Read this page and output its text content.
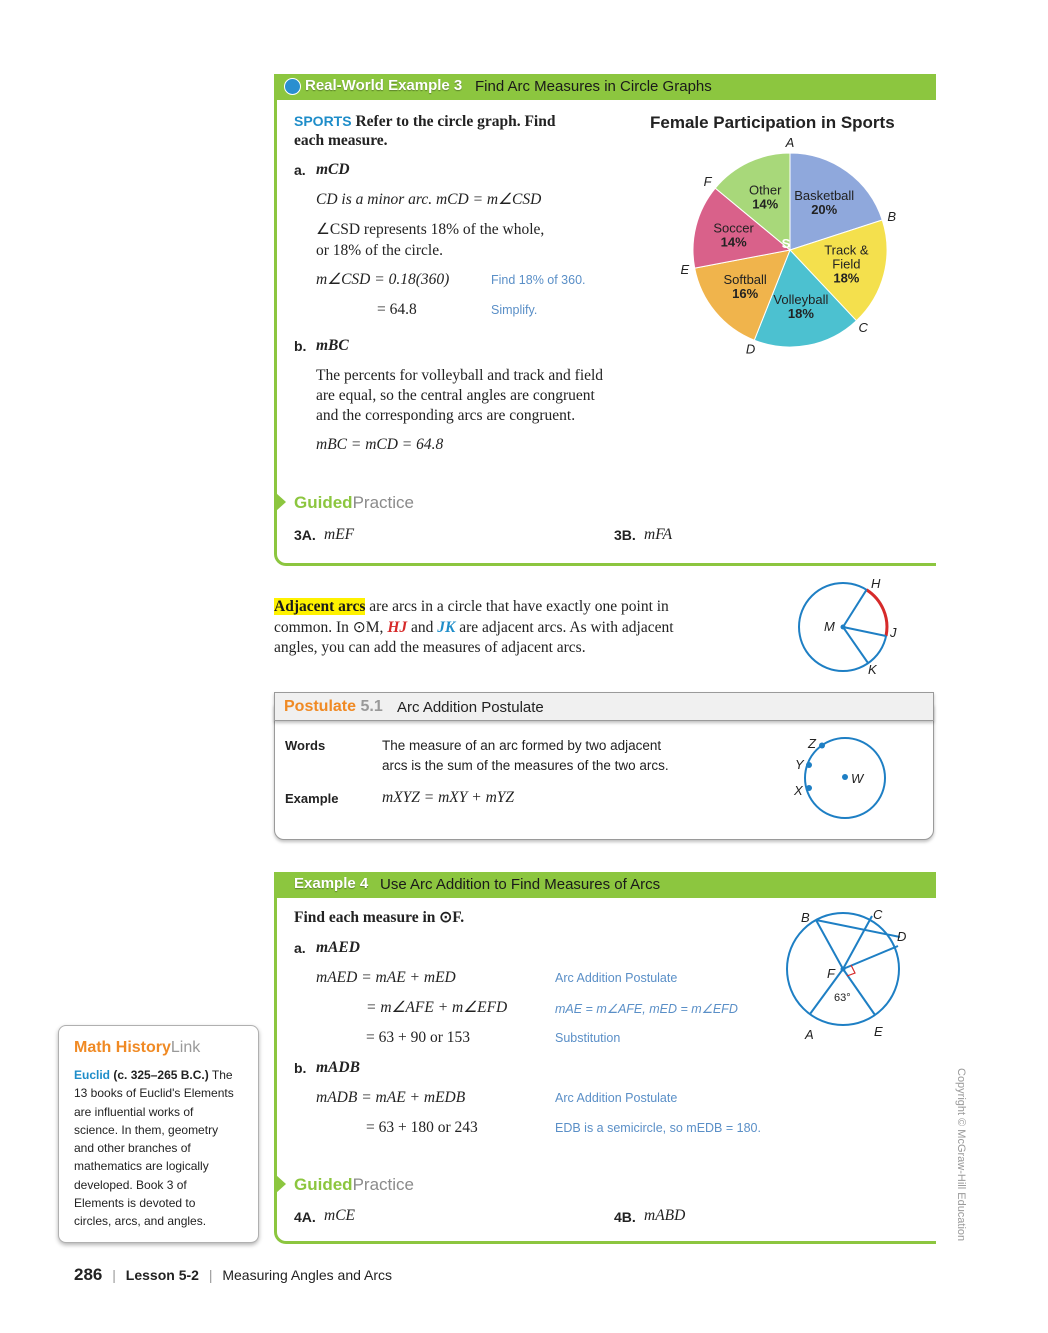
Real-World Example 3 Find Arc Measures in Circle Graphs
SPORTS Refer to the circle graph. Find
each measure.
a. mCD
CD is a minor arc. mCD = m∠CSD
∠CSD represents 18% of the whole,
or 18% of the circle.
m∠CSD = 0.18(360)	Find 18% of 360.
= 64.8	Simplify.
b. mBC
The percents for volleyball and track and field
are equal, so the central angles are congruent
and the corresponding arcs are congruent.
mBC = mCD = 64.8
Female Participation in Sports
Basketball
20%
Track &
Field
18%
Volleyball
18%
Softball
16%
Soccer
14%
Other
14%
S
A
B
C
D
E
F
GuidedPractice
3A. mEF	3B. mFA
Adjacent arcs are arcs in a circle that have exactly one point in
common. In ⊙M, HJ and JK are adjacent arcs. As with adjacent
angles, you can add the measures of adjacent arcs.
H
J
K
M
Postulate 5.1 Arc Addition Postulate
Words	The measure of an arc formed by two adjacent
arcs is the sum of the measures of the two arcs.
Example	mXYZ = mXY + mYZ
Z
Y
X
W
Example 4 Use Arc Addition to Find Measures of Arcs
Find each measure in ⊙F.
a. mAED
mAED = mAE + mED	Arc Addition Postulate
= m∠AFE + m∠EFD	mAE = m∠AFE, mED = m∠EFD
= 63 + 90 or 153	Substitution
b. mADB
mADB = mAE + mEDB	Arc Addition Postulate
= 63 + 180 or 243	EDB is a semicircle, so mEDB = 180.
B	C
D
F
63°
A	E
GuidedPractice
4A. mCE	4B. mABD
Math HistoryLink
Euclid (c. 325–265 B.C.) The
13 books of Euclid's Elements
are influential works of
science. In them, geometry
and other branches of
mathematics are logically
developed. Book 3 of
Elements is devoted to
circles, arcs, and angles.
286 | Lesson 5-2 | Measuring Angles and Arcs
Copyright © McGraw-Hill Education
